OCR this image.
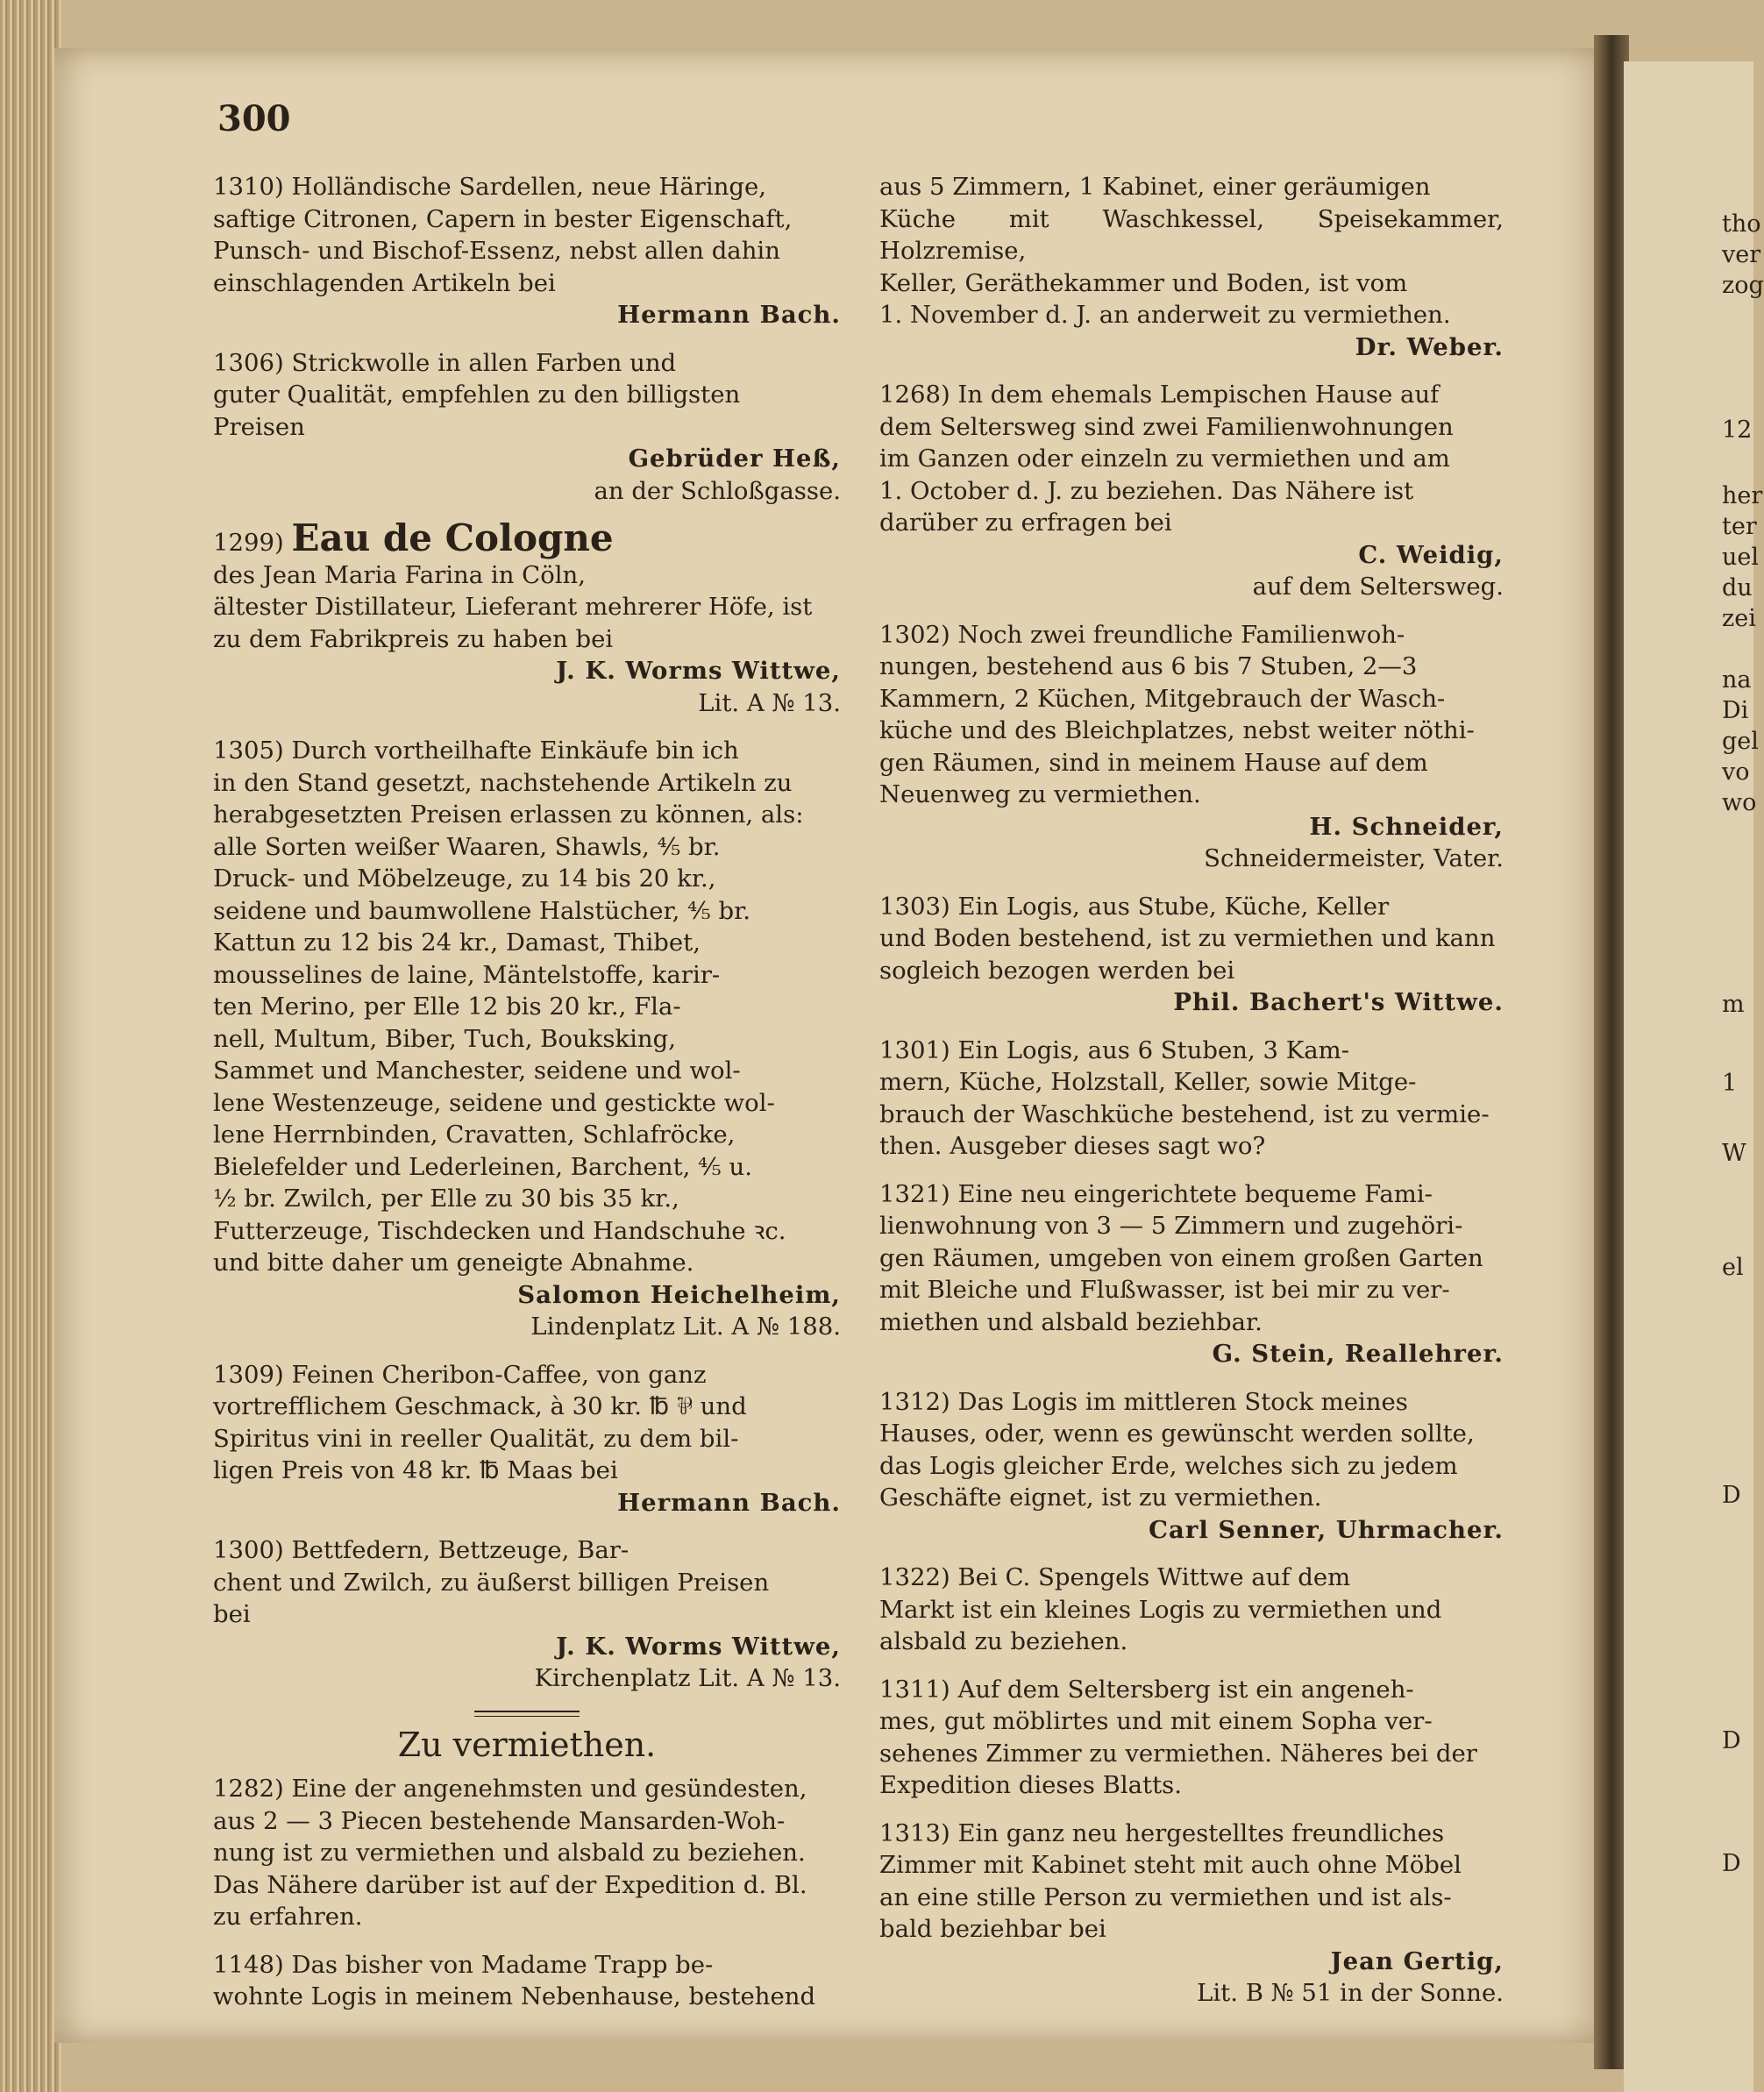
tho
ver
zog
12
her
ter
uel
du
zei
na
Di
gel
vo
wo
m
1
W
el
D
D
D
300

1310) Holländische Sardellen, neue Häringe,

saftige Citronen, Capern in bester Eigenschaft,

Punsch- und Bischof-Essenz, nebst allen dahin

einschlagenden Artikeln bei

Hermann Bach.

1306) Strickwolle in allen Farben und

guter Qualität, empfehlen zu den billigsten

Preisen

Gebrüder Heß,

an der Schloßgasse.

1299) Eau de Cologne

des Jean Maria Farina in Cöln,

ältester Distillateur, Lieferant mehrerer Höfe, ist

zu dem Fabrikpreis zu haben bei

J. K. Worms Wittwe,

Lit. A № 13.

1305) Durch vortheilhafte Einkäufe bin ich

in den Stand gesetzt, nachstehende Artikeln zu

herabgesetzten Preisen erlassen zu können, als:

alle Sorten weißer Waaren, Shawls, ⅘ br.

Druck- und Möbelzeuge, zu 14 bis 20 kr.,

seidene und baumwollene Halstücher, ⅘ br.

Kattun zu 12 bis 24 kr., Damast, Thibet,

mousselines de laine, Mäntelstoffe, karir-

ten Merino, per Elle 12 bis 20 kr., Fla-

nell, Multum, Biber, Tuch, Bouksking,

Sammet und Manchester, seidene und wol-

lene Westenzeuge, seidene und gestickte wol-

lene Herrnbinden, Cravatten, Schlafröcke,

Bielefelder und Lederleinen, Barchent, ⅘ u.

½ br. Zwilch, per Elle zu 30 bis 35 kr.,

Futterzeuge, Tischdecken und Handschuhe ꝛc.

und bitte daher um geneigte Abnahme.

Salomon Heichelheim,

Lindenplatz Lit. A № 188.

1309) Feinen Cheribon-Caffee, von ganz

vortrefflichem Geschmack, à 30 kr. ℔ ⅌ und

Spiritus vini in reeller Qualität, zu dem bil-

ligen Preis von 48 kr. ℔ Maas bei

Hermann Bach.

1300) Bettfedern, Bettzeuge, Bar-

chent und Zwilch, zu äußerst billigen Preisen

bei

J. K. Worms Wittwe,

Kirchenplatz Lit. A № 13.

Zu vermiethen.

1282) Eine der angenehmsten und gesündesten,

aus 2 — 3 Piecen bestehende Mansarden-Woh-

nung ist zu vermiethen und alsbald zu beziehen.

Das Nähere darüber ist auf der Expedition d. Bl.

zu erfahren.

1148) Das bisher von Madame Trapp be-

wohnte Logis in meinem Nebenhause, bestehend

aus 5 Zimmern, 1 Kabinet, einer geräumigen

Küche mit Waschkessel, Speisekammer, Holzremise,

Keller, Geräthekammer und Boden, ist vom

1. November d. J. an anderweit zu vermiethen.

Dr. Weber.

1268) In dem ehemals Lempischen Hause auf

dem Seltersweg sind zwei Familienwohnungen

im Ganzen oder einzeln zu vermiethen und am

1. October d. J. zu beziehen. Das Nähere ist

darüber zu erfragen bei

C. Weidig,

auf dem Seltersweg.

1302) Noch zwei freundliche Familienwoh-

nungen, bestehend aus 6 bis 7 Stuben, 2—3

Kammern, 2 Küchen, Mitgebrauch der Wasch-

küche und des Bleichplatzes, nebst weiter nöthi-

gen Räumen, sind in meinem Hause auf dem

Neuenweg zu vermiethen.

H. Schneider,

Schneidermeister, Vater.

1303) Ein Logis, aus Stube, Küche, Keller

und Boden bestehend, ist zu vermiethen und kann

sogleich bezogen werden bei

Phil. Bachert's Wittwe.

1301) Ein Logis, aus 6 Stuben, 3 Kam-

mern, Küche, Holzstall, Keller, sowie Mitge-

brauch der Waschküche bestehend, ist zu vermie-

then. Ausgeber dieses sagt wo?

1321) Eine neu eingerichtete bequeme Fami-

lienwohnung von 3 — 5 Zimmern und zugehöri-

gen Räumen, umgeben von einem großen Garten

mit Bleiche und Flußwasser, ist bei mir zu ver-

miethen und alsbald beziehbar.

G. Stein, Reallehrer.

1312) Das Logis im mittleren Stock meines

Hauses, oder, wenn es gewünscht werden sollte,

das Logis gleicher Erde, welches sich zu jedem

Geschäfte eignet, ist zu vermiethen.

Carl Senner, Uhrmacher.

1322) Bei C. Spengels Wittwe auf dem

Markt ist ein kleines Logis zu vermiethen und

alsbald zu beziehen.

1311) Auf dem Seltersberg ist ein angeneh-

mes, gut möblirtes und mit einem Sopha ver-

sehenes Zimmer zu vermiethen. Näheres bei der

Expedition dieses Blatts.

1313) Ein ganz neu hergestelltes freundliches

Zimmer mit Kabinet steht mit auch ohne Möbel

an eine stille Person zu vermiethen und ist als-

bald beziehbar bei

Jean Gertig,

Lit. B № 51 in der Sonne.
